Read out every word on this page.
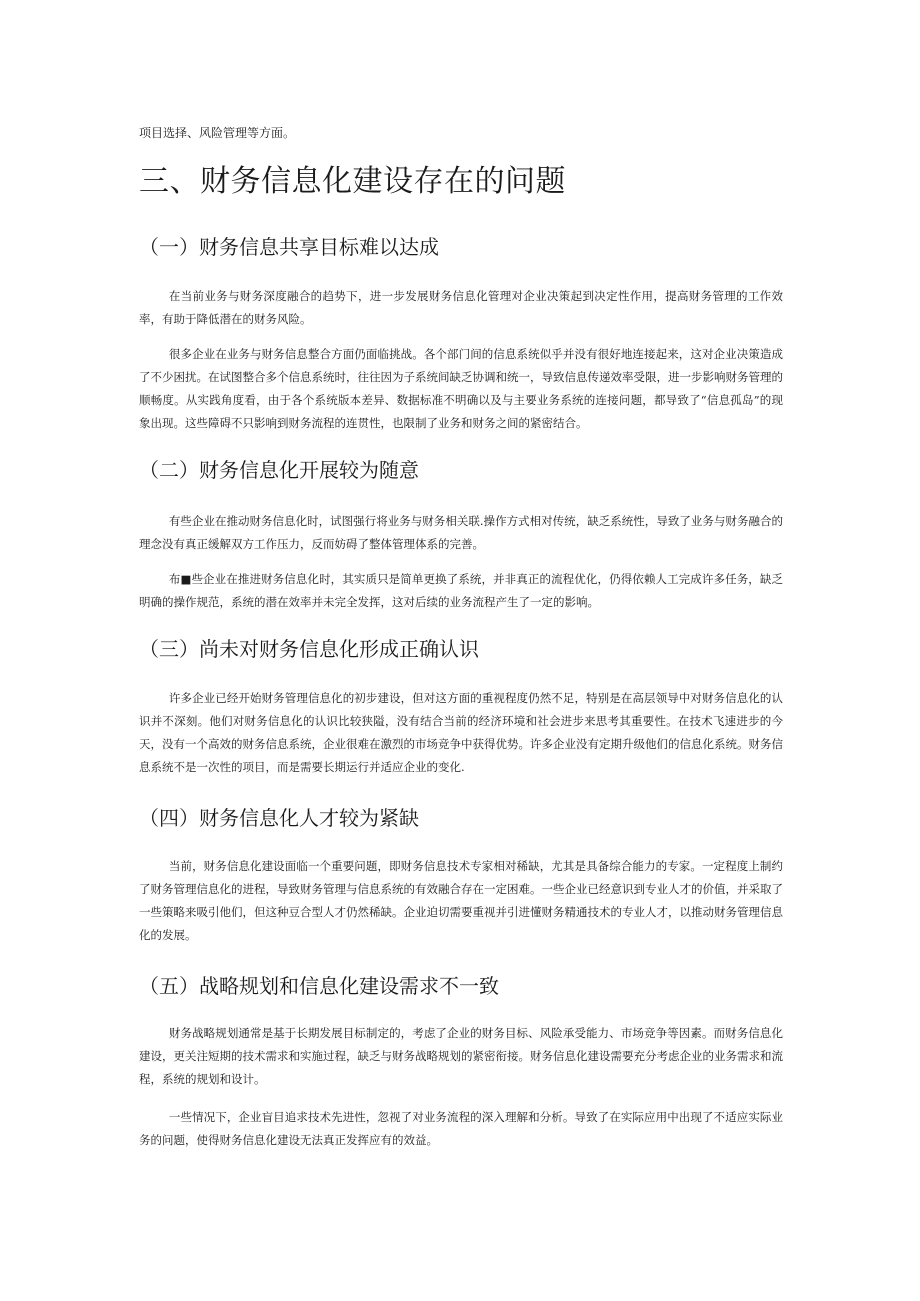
项目选择、风险管理等方面。

三、财务信息化建设存在的问题
（一）财务信息共享目标难以达成

在当前业务与财务深度融合的趋势下，进一步发展财务信息化管理对企业决策起到决定性作用，提高财务管理的工作效率，有助于降低潜在的财务风险。

很多企业在业务与财务信息整合方面仍面临挑战。各个部门间的信息系统似乎并没有很好地连接起来，这对企业决策造成了不少困扰。在试图整合多个信息系统时，往往因为子系统间缺乏协调和统一，导致信息传递效率受限，进一步影响财务管理的顺畅度。从实践角度看，由于各个系统版本差异、数据标准不明确以及与主要业务系统的连接问题，都导致了“信息孤岛”的现象出现。这些障碍不只影响到财务流程的连贯性，也限制了业务和财务之间的紧密结合。

（二）财务信息化开展较为随意

有些企业在推动财务信息化时，试图强行将业务与财务相关联.操作方式相对传统，缺乏系统性，导致了业务与财务融合的理念没有真正缓解双方工作压力，反而妨碍了整体管理体系的完善。

布■些企业在推进财务信息化时，其实质只是简单更换了系统，并非真正的流程优化，仍得依赖人工完成许多任务，缺乏明确的操作规范，系统的潜在效率并未完全发挥，这对后续的业务流程产生了一定的影响。

（三）尚未对财务信息化形成正确认识

许多企业已经开始财务管理信息化的初步建设，但对这方面的重视程度仍然不足，特别是在高层领导中对财务信息化的认识并不深刻。他们对财务信息化的认识比较狭隘，没有结合当前的经济环境和社会进步来思考其重要性。在技术飞速进步的今天，没有一个高效的财务信息系统，企业很难在激烈的市场竞争中获得优势。许多企业没有定期升级他们的信息化系统。财务信息系统不是一次性的项目，而是需要长期运行并适应企业的变化.

（四）财务信息化人才较为紧缺

当前，财务信息化建设面临一个重要问题，即财务信息技术专家相对稀缺，尤其是具备综合能力的专家。一定程度上制约了财务管理信息化的进程，导致财务管理与信息系统的有效融合存在一定困难。一些企业已经意识到专业人才的价值，并采取了一些策略来吸引他们，但这种豆合型人才仍然稀缺。企业迫切需要重视并引进懂财务精通技术的专业人才，以推动财务管理信息化的发展。

（五）战略规划和信息化建设需求不一致

财务战略规划通常是基于长期发展目标制定的，考虑了企业的财务目标、风险承受能力、市场竞争等因素。而财务信息化建设，更关注短期的技术需求和实施过程，缺乏与财务战略规划的紧密衔接。财务信息化建设需要充分考虑企业的业务需求和流程，系统的规划和设计。

一些情况下，企业盲目追求技术先进性，忽视了对业务流程的深入理解和分析。导致了在实际应用中出现了不适应实际业务的问题，使得财务信息化建设无法真正发挥应有的效益。
